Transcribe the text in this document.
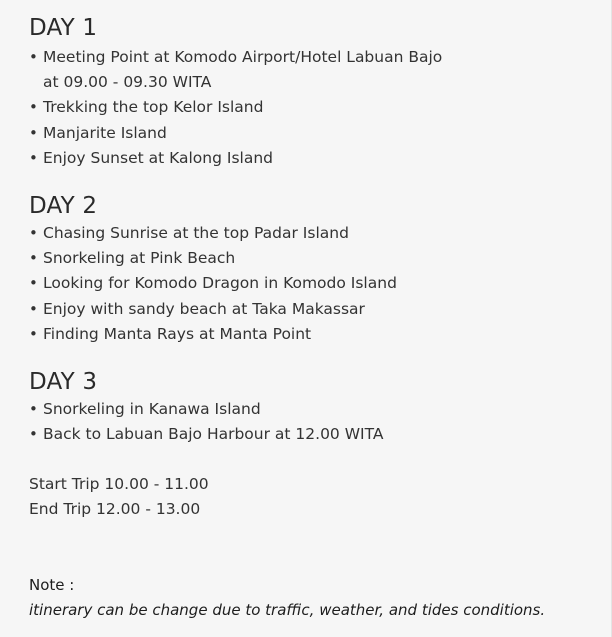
DAY 1
• Meeting Point at Komodo Airport/Hotel Labuan Bajo
at 09.00 - 09.30 WITA
• Trekking the top Kelor Island
• Manjarite Island
• Enjoy Sunset at Kalong Island
DAY 2
• Chasing Sunrise at the top Padar Island
• Snorkeling at Pink Beach
• Looking for Komodo Dragon in Komodo Island
• Enjoy with sandy beach at Taka Makassar
• Finding Manta Rays at Manta Point
DAY 3
• Snorkeling in Kanawa Island
• Back to Labuan Bajo Harbour at 12.00 WITA
Start Trip 10.00 - 11.00
End Trip 12.00 - 13.00
Note :
itinerary can be change due to traffic, weather, and tides conditions.
